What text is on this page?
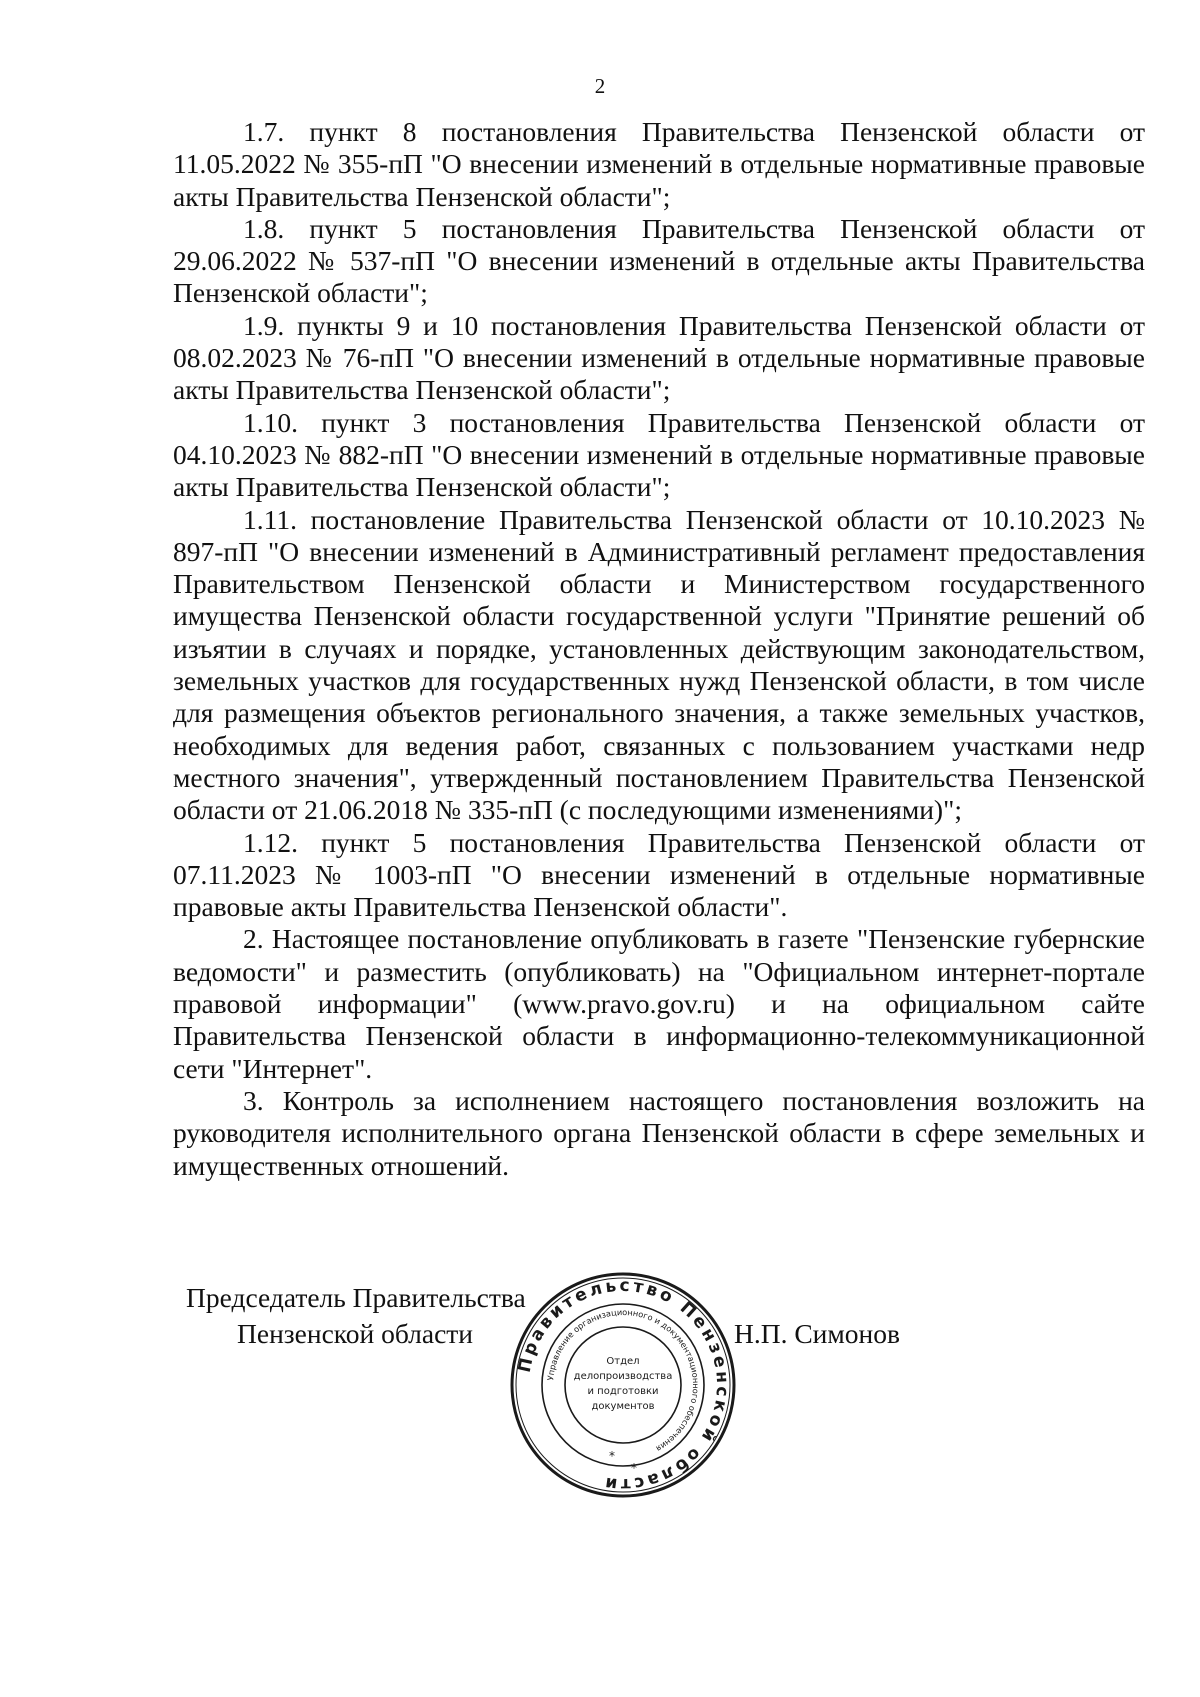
2

1.7. пункт 8 постановления Правительства Пензенской области от 11.05.2022 № 355-пП "О внесении изменений в отдельные нормативные правовые акты Правительства Пензенской области";

1.8. пункт 5 постановления Правительства Пензенской области от 29.06.2022 № 537-пП "О внесении изменений в отдельные акты Правительства Пензенской области";

1.9. пункты 9 и 10 постановления Правительства Пензенской области от 08.02.2023 № 76-пП "О внесении изменений в отдельные нормативные правовые акты Правительства Пензенской области";

1.10. пункт 3 постановления Правительства Пензенской области от 04.10.2023 № 882-пП "О внесении изменений в отдельные нормативные правовые акты Правительства Пензенской области";

1.11. постановление Правительства Пензенской области от 10.10.2023 № 897-пП "О внесении изменений в Административный регламент предоставления Правительством Пензенской области и Министерством государственного имущества Пензенской области государственной услуги "Принятие решений об изъятии в случаях и порядке, установленных действующим законодательством, земельных участков для государственных нужд Пензенской области, в том числе для размещения объектов регионального значения, а также земельных участков, необходимых для ведения работ, связанных с пользованием участками недр местного значения", утвержденный постановлением Правительства Пензенской области от 21.06.2018 № 335-пП (с последующими изменениями)";

1.12. пункт 5 постановления Правительства Пензенской области от 07.11.2023 № 1003-пП "О внесении изменений в отдельные нормативные правовые акты Правительства Пензенской области".

2. Настоящее постановление опубликовать в газете "Пензенские губернские ведомости" и разместить (опубликовать) на "Официальном интернет-портале правовой информации" (www.pravo.gov.ru) и на официальном сайте Правительства Пензенской области в информационно-телекоммуникационной сети "Интернет".

3. Контроль за исполнением настоящего постановления возложить на руководителя исполнительного органа Пензенской области в сфере земельных и имущественных отношений.

Председатель Правительства
Пензенской области	Н.П. Симонов
Правительство Пензенской области
Управление организационного и документационного обеспечения
Отдел
делопроизводства
и подготовки
документов
*
*
